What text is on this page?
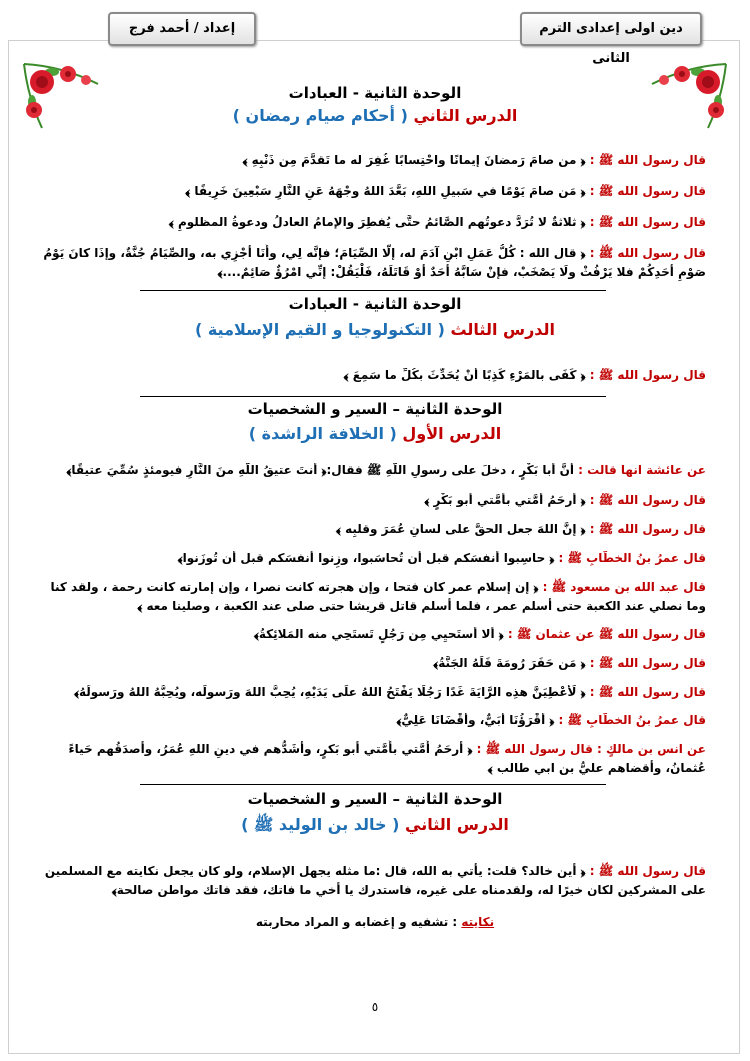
دين اولى إعدادى الترم الثانى
إعداد / أحمد فرج
الوحدة الثانية - العبادات
الدرس الثاني ( أحكام صيام رمضان )
قال رسول الله ﷺ : ﴿ من صامَ رَمضانَ إيمانًا واحْتِسابًا غُفِرَ له ما تَقدَّمَ مِن ذَنْبِهِ ﴾
قال رسول الله ﷺ : ﴿ مَن صامَ يَوْمًا في سَبيلِ اللهِ، بَعَّدَ اللهُ وجْهَهُ عَنِ النَّارِ سَبْعِينَ خَرِيفًا ﴾
قال رسول الله ﷺ : ﴿ ثلاثةٌ لا تُرَدُّ دعوتُهم الصَّائمُ حتَّى يُفطِرَ والإمامُ العادلُ ودعوةُ المظلومِ ﴾
قال رسول الله ﷺ : ﴿ قال الله : كُلُّ عَمَلِ ابْنِ آدَمَ له، إلَّا الصِّيَامَ؛ فإنَّه لِي، وأَنَا أجْزِي به، والصِّيَامُ جُنَّةٌ، وإذَا كانَ يَوْمُ صَوْمِ أحَدِكُمْ فلا يَرْفُثْ ولَا يَصْخَبْ، فإنْ سَابَّهُ أحَدٌ أوْ قَاتَلَهُ، فَلْيَقُلْ: إنِّي امْرُؤٌ صَائِمٌ....﴾
الوحدة الثانية - العبادات
الدرس الثالث ( التكنولوجيا و القيم الإسلامية )
قال رسول الله ﷺ : ﴿ كَفَى بالمَرْءِ كَذِبًا أنْ يُحَدِّثَ بكُلِّ ما سَمِعَ ﴾
الوحدة الثانية – السير و الشخصيات
الدرس الأول ( الخلافة الراشدة )
عن عائشة انها قالت : أنَّ أبا بَكْرٍ ، دخلَ على رسولِ اللَّهِ ﷺ فقال:﴿ أنتَ عتيقُ اللَّهِ منَ النَّارِ فيومئذٍ سُمِّيَ عتيقًا﴾
قال رسول الله ﷺ : ﴿ أرحَمُ أُمَّتي بأُمَّتي أبو بَكْرٍ ﴾
قال رسول الله ﷺ : ﴿ إنَّ اللهَ جعل الحقَّ على لسانِ عُمَرَ وقلبِه ﴾
قال عمرُ بنُ الخطَّابِ ﷺ : ﴿ حاسِبوا أنفسَكم قبل أن تُحاسَبوا، وزِنوا أنفسَكم قبل أن تُوزَنوا﴾
قال عبد الله بن مسعود ﷺ : ﴿ إن إسلام عمر كان فتحا ، وإن هجرته كانت نصرا ، وإن إمارته كانت رحمة ، ولقد كنا وما نصلي عند الكعبة حتى أسلم عمر ، فلما أسلم قاتل قريشا حتى صلى عند الكعبة ، وصلينا معه ﴾
قال رسول الله ﷺ عن عثمان ﷺ : ﴿ ألا أستَحيِي مِن رَجُلٍ تَستَحِي منه المَلائِكةُ﴾
قال رسول الله ﷺ : ﴿ مَن حَفَرَ رُومَةَ فَلَهُ الجَنَّةُ﴾
قال رسول الله ﷺ : ﴿ لَأُعْطِيَنَّ هذِه الرَّايَةَ غَدًا رَجُلًا يَفْتَحُ اللهُ علَى يَدَيْهِ، يُحِبُّ اللهَ ورَسولَه، ويُحِبُّهُ اللهُ ورَسولُهُ﴾
قال عمرُ بنُ الخطَّابِ ﷺ : ﴿ أقْرَؤُنَا أُبَيٌّ، وأَقْضَانَا عَلِيٌّ﴾
عن انس بن مالكٍ : قال رسول الله ﷺ : ﴿ أرحَمُ أُمَّتي بأُمَّتي أبو بَكرٍ، وأشَدُّهم في دينِ اللهِ عُمَرُ، وأصدَقُهم حَياءً عُثمانُ، وأقضاهم عليُّ بن ابي طالب ﴾
الوحدة الثانية – السير و الشخصيات
الدرس الثاني ( خالد بن الوليد ﷺ )
قال رسول الله ﷺ : ﴿ أين خالد؟ قلت: يأتي به الله، قال :ما مثله يجهل الإسلام، ولو كان يجعل نكايته مع المسلمين على المشركين لكان خيرًا له، ولقدمناه على غيره، فاستدرك يا أخي ما فاتك، فقد فاتك مواطن صالحة﴾
نكايته : تشفيه و إغضابه و المراد محاربته
٥
